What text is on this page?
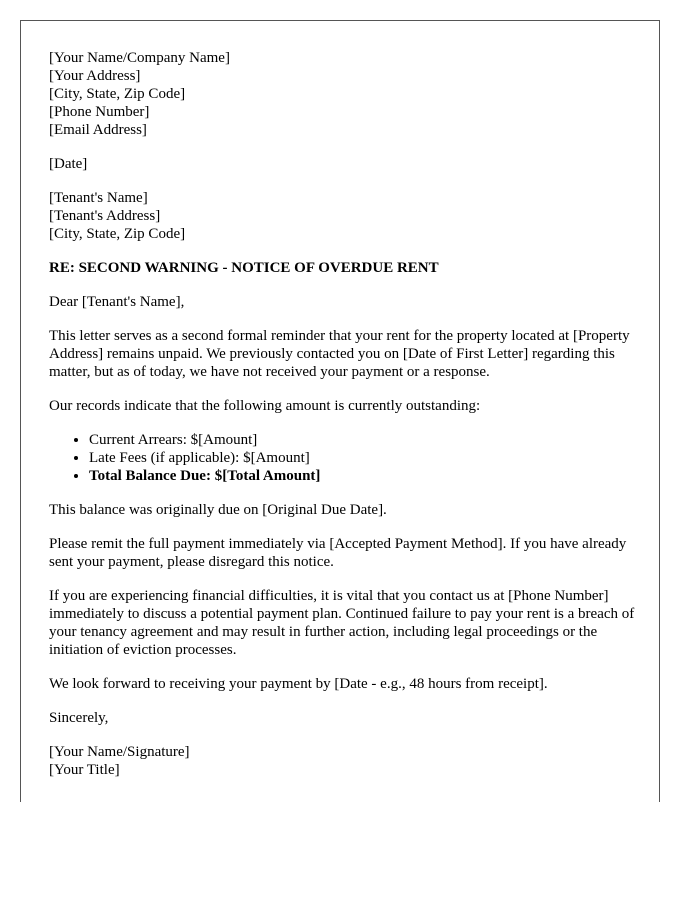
[Your Name/Company Name]
[Your Address]
[City, State, Zip Code]
[Phone Number]
[Email Address]
[Date]
[Tenant's Name]
[Tenant's Address]
[City, State, Zip Code]
RE: SECOND WARNING - NOTICE OF OVERDUE RENT

Dear [Tenant's Name],

This letter serves as a second formal reminder that your rent for the property located at [Property Address] remains unpaid. We previously contacted you on [Date of First Letter] regarding this matter, but as of today, we have not received your payment or a response.

Our records indicate that the following amount is currently outstanding:

• Current Arrears: $[Amount]
• Late Fees (if applicable): $[Amount]
• Total Balance Due: $[Total Amount]

This balance was originally due on [Original Due Date].

Please remit the full payment immediately via [Accepted Payment Method]. If you have already sent your payment, please disregard this notice.

If you are experiencing financial difficulties, it is vital that you contact us at [Phone Number] immediately to discuss a potential payment plan. Continued failure to pay your rent is a breach of your tenancy agreement and may result in further action, including legal proceedings or the initiation of eviction processes.

We look forward to receiving your payment by [Date - e.g., 48 hours from receipt].

Sincerely,

[Your Name/Signature]
[Your Title]
